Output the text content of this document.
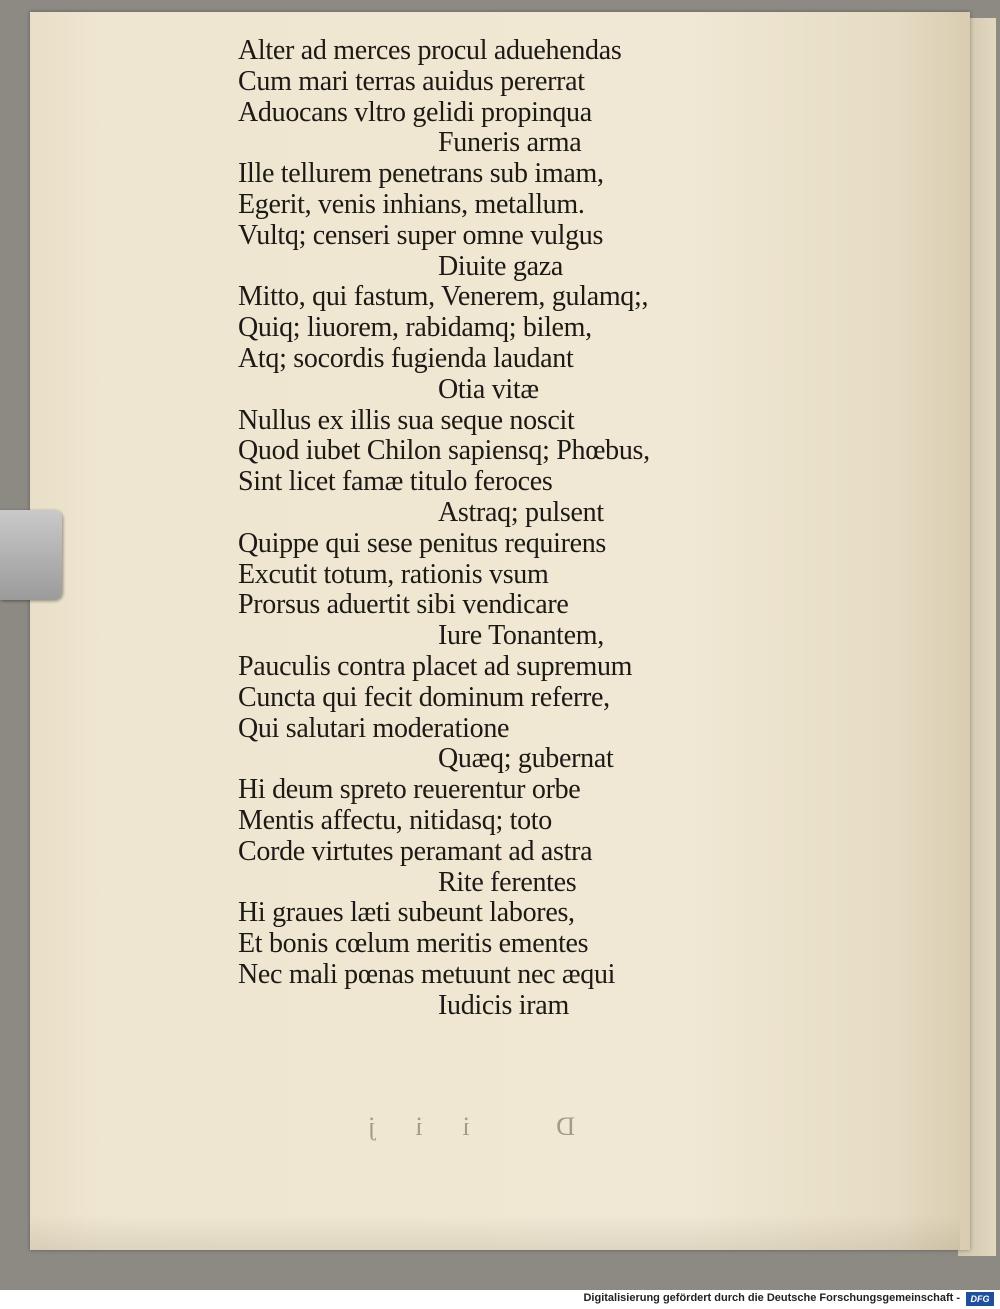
Alter ad merces procul aduehendas
Cum mari terras auidus pererrat
Aduocans vltro gelidi propinqua
Funeris arma
Ille tellurem penetrans sub imam,
Egerit, venis inhians, metallum.
Vultq; censeri super omne vulgus
Diuite gaza
Mitto, qui fastum, Venerem, gulamq;,
Quiq; liuorem, rabidamq; bilem,
Atq; socordis fugienda laudant
Otia vitæ
Nullus ex illis sua seque noscit
Quod iubet Chilon sapiensq; Phœbus,
Sint licet famæ titulo feroces
Astraq; pulsent
Quippe qui sese penitus requirens
Excutit totum, rationis vsum
Prorsus aduertit sibi vendicare
Iure Tonantem,
Pauculis contra placet ad supremum
Cuncta qui fecit dominum referre,
Qui salutari moderatione
Quæq; gubernat
Hi deum spreto reuerentur orbe
Mentis affectu, nitidasq; toto
Corde virtutes peramant ad astra
Rite ferentes
Hi graues læti subeunt labores,
Et bonis cœlum meritis ementes
Nec mali pœnas metuunt nec æqui
Iudicis iram
D iij
Digitalisierung gefördert durch die Deutsche Forschungsgemeinschaft -	DFG
